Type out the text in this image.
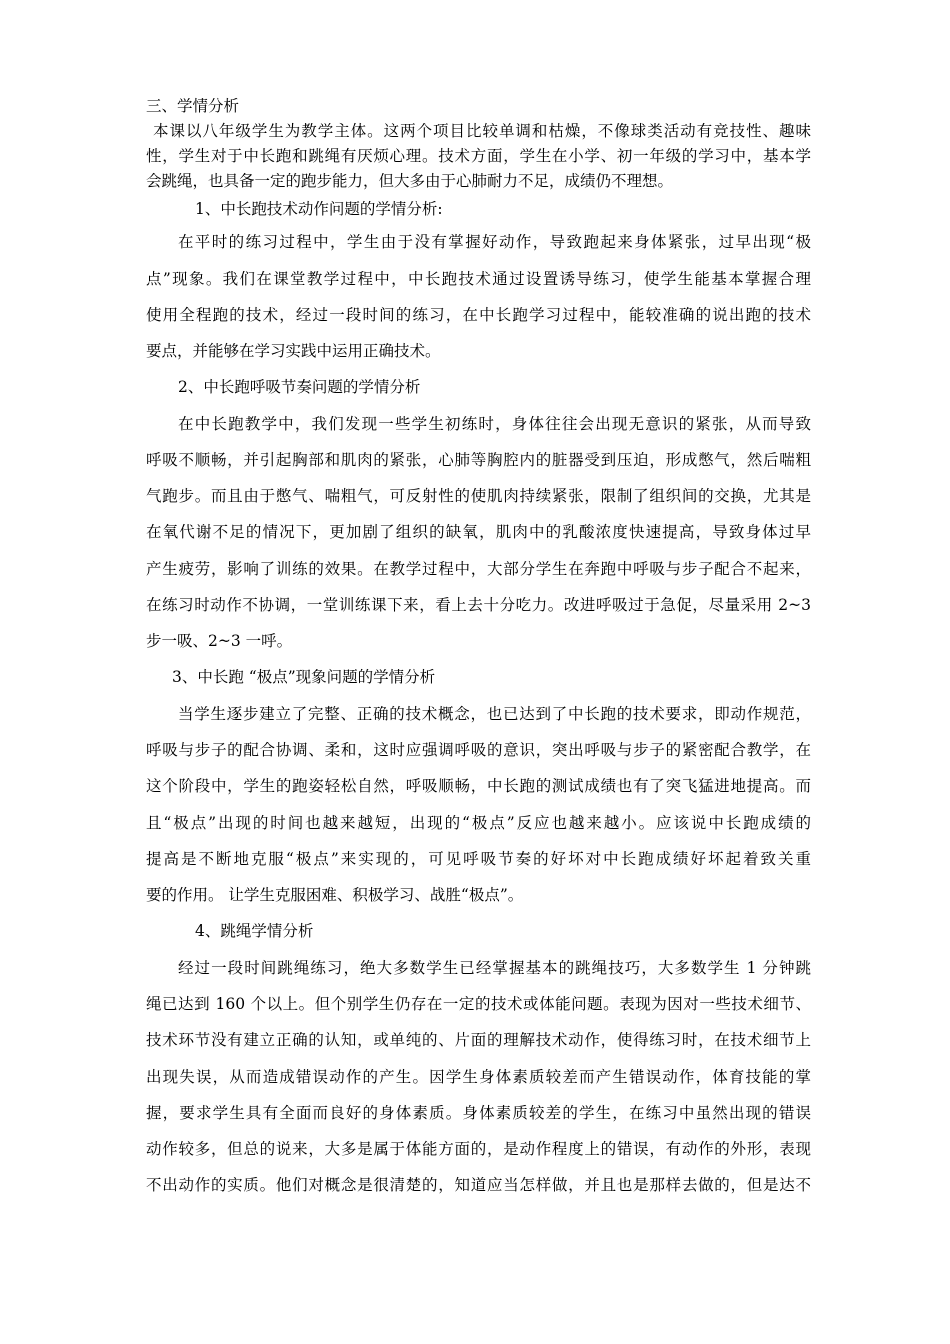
三、学情分析
本课以八年级学生为教学主体。这两个项目比较单调和枯燥，不像球类活动有竞技性、趣味
性，学生对于中长跑和跳绳有厌烦心理。技术方面，学生在小学、初一年级的学习中，基本学
会跳绳，也具备一定的跑步能力，但大多由于心肺耐力不足，成绩仍不理想。
1、中长跑技术动作问题的学情分析:
在平时的练习过程中，学生由于没有掌握好动作，导致跑起来身体紧张，过早出现“极
点”现象。我们在课堂教学过程中，中长跑技术通过设置诱导练习，使学生能基本掌握合理
使用全程跑的技术，经过一段时间的练习，在中长跑学习过程中，能较准确的说出跑的技术
要点，并能够在学习实践中运用正确技术。
2、中长跑呼吸节奏问题的学情分析
在中长跑教学中，我们发现一些学生初练时，身体往往会出现无意识的紧张，从而导致
呼吸不顺畅，并引起胸部和肌肉的紧张，心肺等胸腔内的脏器受到压迫，形成憋气，然后喘粗
气跑步。而且由于憋气、喘粗气，可反射性的使肌肉持续紧张，限制了组织间的交换，尤其是
在氧代谢不足的情况下，更加剧了组织的缺氧，肌肉中的乳酸浓度快速提高，导致身体过早
产生疲劳，影响了训练的效果。在教学过程中，大部分学生在奔跑中呼吸与步子配合不起来，
在练习时动作不协调，一堂训练课下来，看上去十分吃力。改进呼吸过于急促，尽量采用 2~3
步一吸、2~3 一呼。
3、中长跑 “极点”现象问题的学情分析
当学生逐步建立了完整、正确的技术概念，也已达到了中长跑的技术要求，即动作规范，
呼吸与步子的配合协调、柔和，这时应强调呼吸的意识，突出呼吸与步子的紧密配合教学，在
这个阶段中，学生的跑姿轻松自然，呼吸顺畅，中长跑的测试成绩也有了突飞猛进地提高。而
且“极点”出现的时间也越来越短，出现的“极点”反应也越来越小。应该说中长跑成绩的
提高是不断地克服“极点”来实现的，可见呼吸节奏的好坏对中长跑成绩好坏起着致关重
要的作用。 让学生克服困难、积极学习、战胜“极点”。
4、跳绳学情分析
经过一段时间跳绳练习，绝大多数学生已经掌握基本的跳绳技巧，大多数学生 1 分钟跳
绳已达到 160 个以上。但个别学生仍存在一定的技术或体能问题。表现为因对一些技术细节、
技术环节没有建立正确的认知，或单纯的、片面的理解技术动作，使得练习时，在技术细节上
出现失误，从而造成错误动作的产生。因学生身体素质较差而产生错误动作，体育技能的掌
握，要求学生具有全面而良好的身体素质。身体素质较差的学生，在练习中虽然出现的错误
动作较多，但总的说来，大多是属于体能方面的，是动作程度上的错误，有动作的外形，表现
不出动作的实质。他们对概念是很清楚的，知道应当怎样做，并且也是那样去做的，但是达不
